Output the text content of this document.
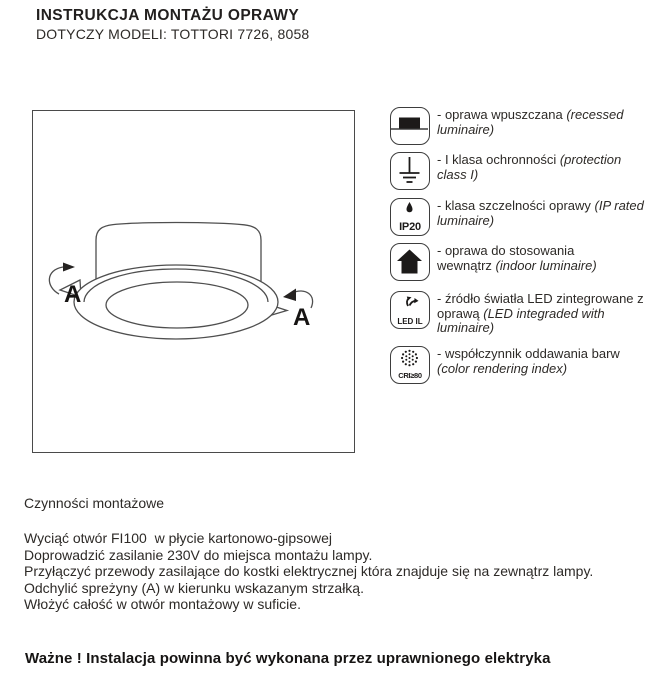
INSTRUKCJA MONTAŻU OPRAWY
DOTYCZY MODELI: TOTTORI 7726, 8058
A
A
- oprawa wpuszczana (recessed luminaire)
- I klasa ochronności (protection class I)
IP20
- klasa szczelności oprawy (IP rated luminaire)
- oprawa do stosowania wewnątrz (indoor luminaire)
LED IL
- źródło światła LED zintegrowane z oprawą (LED integraded with luminaire)
CRI≥80
- współczynnik oddawania barw (color rendering index)
Czynności montażowe
Wyciąć otwór FI100  w płycie kartonowo-gipsowej
Doprowadzić zasilanie 230V do miejsca montażu lampy.
Przyłączyć przewody zasilające do kostki elektrycznej która znajduje się na zewnątrz lampy.
Odchylić spreżyny (A) w kierunku wskazanym strzałką.
Włożyć całość w otwór montażowy w suficie.
Ważne ! Instalacja powinna być wykonana przez uprawnionego elektryka
